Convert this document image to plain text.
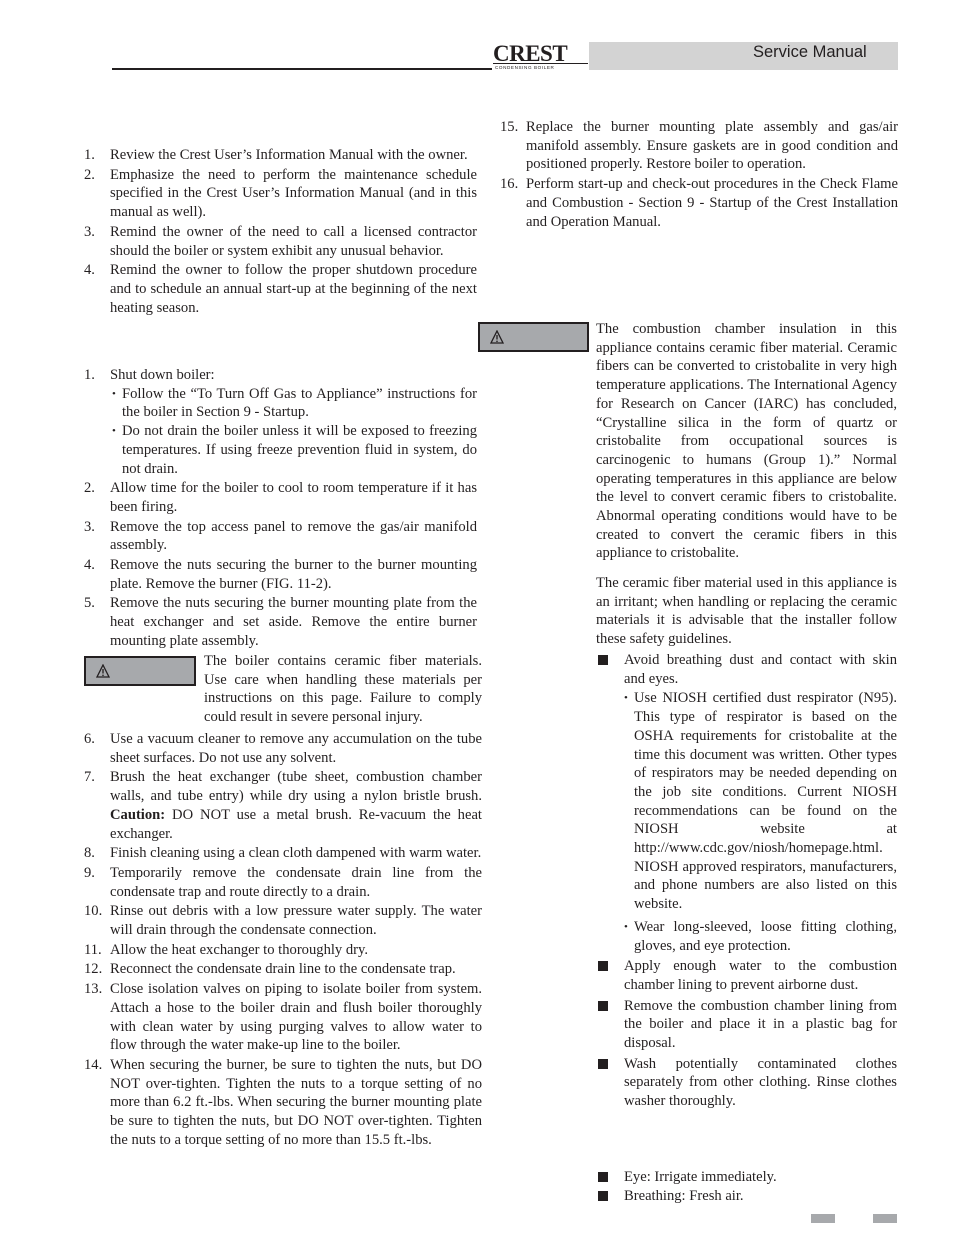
CREST
CONDENSING BOILER
Service Manual
1. Review the Crest User’s Information Manual with the owner.
2. Emphasize the need to perform the maintenance schedule specified in the Crest User’s Information Manual (and in this manual as well).
3. Remind the owner of the need to call a licensed contractor should the boiler or system exhibit any unusual behavior.
4. Remind the owner to follow the proper shutdown procedure and to schedule an annual start-up at the beginning of the next heating season.
1. Shut down boiler:
• Follow the “To Turn Off Gas to Appliance” instructions for the boiler in Section 9 - Startup.
• Do not drain the boiler unless it will be exposed to freezing temperatures. If using freeze prevention fluid in system, do not drain.
2. Allow time for the boiler to cool to room temperature if it has been firing.
3. Remove the top access panel to remove the gas/air manifold assembly.
4. Remove the nuts securing the burner to the burner mounting plate. Remove the burner (FIG. 11-2).
5. Remove the nuts securing the burner mounting plate from the heat exchanger and set aside. Remove the entire burner mounting plate assembly.
The boiler contains ceramic fiber materials. Use care when handling these materials per instructions on this page. Failure to comply could result in severe personal injury.
6. Use a vacuum cleaner to remove any accumulation on the tube sheet surfaces. Do not use any solvent.
7. Brush the heat exchanger (tube sheet, combustion chamber walls, and tube entry) while dry using a nylon bristle brush. Caution: DO NOT use a metal brush. Re-vacuum the heat exchanger.
8. Finish cleaning using a clean cloth dampened with warm water.
9. Temporarily remove the condensate drain line from the condensate trap and route directly to a drain.
10. Rinse out debris with a low pressure water supply. The water will drain through the condensate connection.
11. Allow the heat exchanger to thoroughly dry.
12. Reconnect the condensate drain line to the condensate trap.
13. Close isolation valves on piping to isolate boiler from system. Attach a hose to the boiler drain and flush boiler thoroughly with clean water by using purging valves to allow water to flow through the water make-up line to the boiler.
14. When securing the burner, be sure to tighten the nuts, but DO NOT over-tighten. Tighten the nuts to a torque setting of no more than 6.2 ft.-lbs. When securing the burner mounting plate be sure to tighten the nuts, but DO NOT over-tighten. Tighten the nuts to a torque setting of no more than 15.5 ft.-lbs.
15. Replace the burner mounting plate assembly and gas/air manifold assembly. Ensure gaskets are in good condition and positioned properly. Restore boiler to operation.
16. Perform start-up and check-out procedures in the Check Flame and Combustion - Section 9 - Startup of the Crest Installation and Operation Manual.
The combustion chamber insulation in this appliance contains ceramic fiber material. Ceramic fibers can be converted to cristobalite in very high temperature applications. The International Agency for Research on Cancer (IARC) has concluded, “Crystalline silica in the form of quartz or cristobalite from occupational sources is carcinogenic to humans (Group 1).” Normal operating temperatures in this appliance are below the level to convert ceramic fibers to cristobalite. Abnormal operating conditions would have to be created to convert the ceramic fibers in this appliance to cristobalite.
The ceramic fiber material used in this appliance is an irritant; when handling or replacing the ceramic materials it is advisable that the installer follow these safety guidelines.
Avoid breathing dust and contact with skin and eyes.
• Use NIOSH certified dust respirator (N95). This type of respirator is based on the OSHA requirements for cristobalite at the time this document was written. Other types of respirators may be needed depending on the job site conditions. Current NIOSH recommendations can be found on the NIOSH website at http://www.cdc.gov/niosh/homepage.html. NIOSH approved respirators, manufacturers, and phone numbers are also listed on this website.
• Wear long-sleeved, loose fitting clothing, gloves, and eye protection.
Apply enough water to the combustion chamber lining to prevent airborne dust.
Remove the combustion chamber lining from the boiler and place it in a plastic bag for disposal.
Wash potentially contaminated clothes separately from other clothing. Rinse clothes washer thoroughly.
Eye: Irrigate immediately.
Breathing: Fresh air.
